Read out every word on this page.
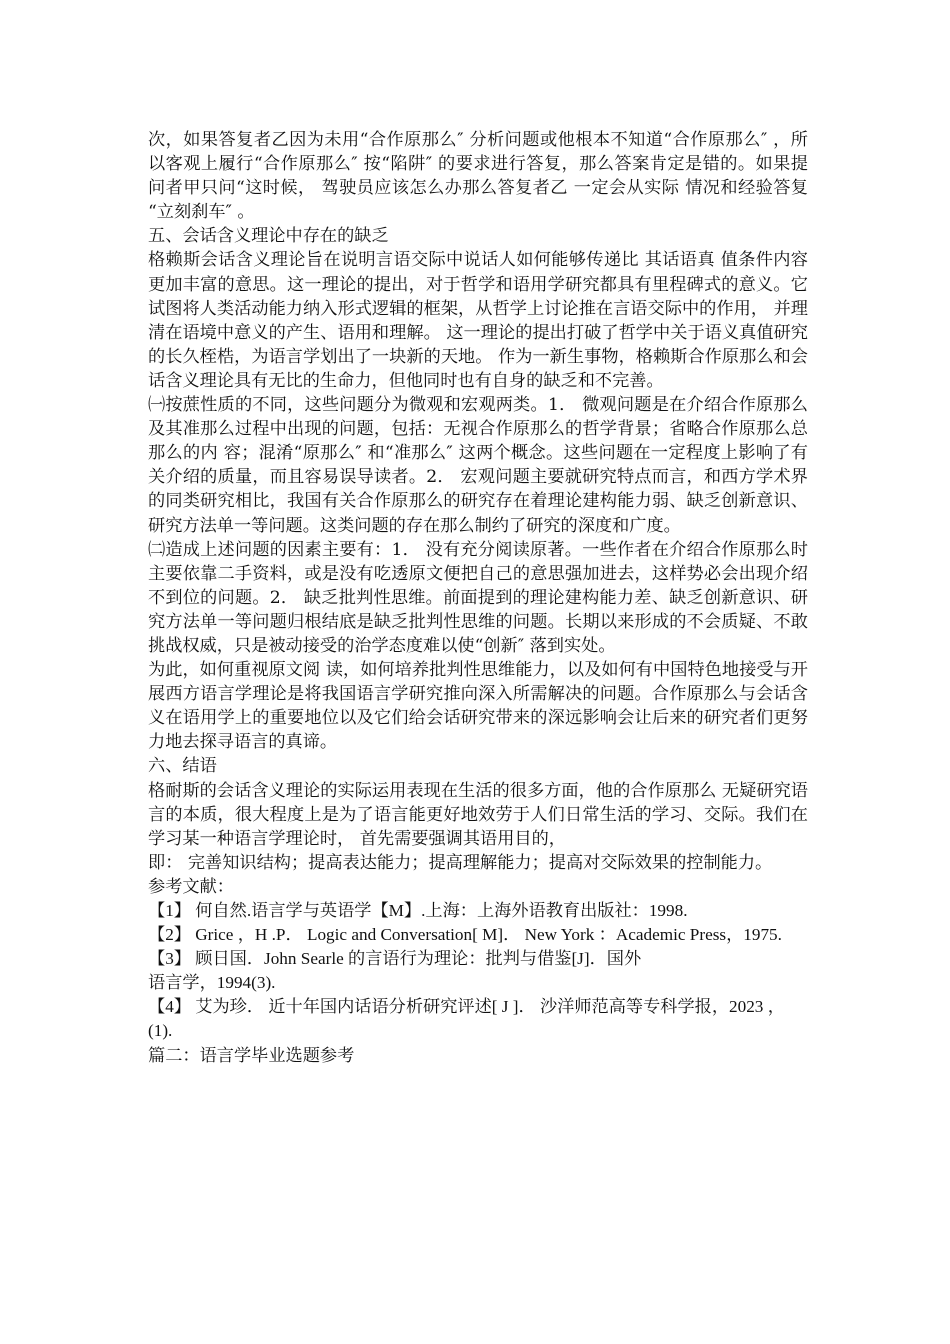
次，如果答复者乙因为未用“合作原那么″ 分析问题或他根本不知道“合作原那么″ ，所以客观上履行“合作原那么″ 按“陷阱″ 的要求进行答复，那么答案肯定是错的。如果提问者甲只问“这时候， 驾驶员应该怎么办那么答复者乙 一定会从实际 情况和经验答复 “立刻刹车″ 。

五、会话含义理论中存在的缺乏

格赖斯会话含义理论旨在说明言语交际中说话人如何能够传递比 其话语真 值条件内容更加丰富的意思。这一理论的提出，对于哲学和语用学研究都具有里程碑式的意义。它试图将人类活动能力纳入形式逻辑的框架，从哲学上讨论推在言语交际中的作用， 并理清在语境中意义的产生、语用和理解。 这一理论的提出打破了哲学中关于语义真值研究的长久桎梏，为语言学划出了一块新的天地。 作为一新生事物，格赖斯合作原那么和会话含义理论具有无比的生命力，但他同时也有自身的缺乏和不完善。

㈠按蔗性质的不同，这些问题分为微观和宏观两类。1． 微观问题是在介绍合作原那么及其准那么过程中出现的问题，包括：无视合作原那么的哲学背景；省略合作原那么总那么的内 容；混淆“原那么″ 和“准那么″ 这两个概念。这些问题在一定程度上影响了有关介绍的质量，而且容易误导读者。2． 宏观问题主要就研究特点而言，和西方学术界的同类研究相比，我国有关合作原那么的研究存在着理论建构能力弱、缺乏创新意识、研究方法单一等问题。这类问题的存在那么制约了研究的深度和广度。

㈡造成上述问题的因素主要有：1． 没有充分阅读原著。一些作者在介绍合作原那么时主要依靠二手资料，或是没有吃透原文便把自己的意思强加进去，这样势必会出现介绍不到位的问题。2． 缺乏批判性思维。前面提到的理论建构能力差、缺乏创新意识、研究方法单一等问题归根结底是缺乏批判性思维的问题。长期以来形成的不会质疑、不敢挑战权威，只是被动接受的治学态度难以使“创新″ 落到实处。

为此，如何重视原文阅 读，如何培养批判性思维能力，以及如何有中国特色地接受与开展西方语言学理论是将我国语言学研究推向深入所需解决的问题。合作原那么与会话含义在语用学上的重要地位以及它们给会话研究带来的深远影响会让后来的研究者们更努力地去探寻语言的真谛。

六、结语

格耐斯的会话含义理论的实际运用表现在生活的很多方面，他的合作原那么 无疑研究语言的本质，很大程度上是为了语言能更好地效劳于人们日常生活的学习、交际。我们在学习某一种语言学理论时， 首先需要强调其语用目的，

即： 完善知识结构；提高表达能力；提高理解能力；提高对交际效果的控制能力。

参考文献：

【1】 何自然.语言学与英语学【M】.上海：上海外语教育出版社：1998.

【2】 Grice ，H .P． Logic and Conversation[ M]． New York ：Academic Press，1975.

【3】 顾日国．John Searle 的言语行为理论：批判与借鉴[J]．国外

语言学，1994(3).

【4】 艾为珍． 近十年国内话语分析研究评述[ J ]． 沙洋师范高等专科学报，2023 ，(1).

篇二：语言学毕业选题参考
